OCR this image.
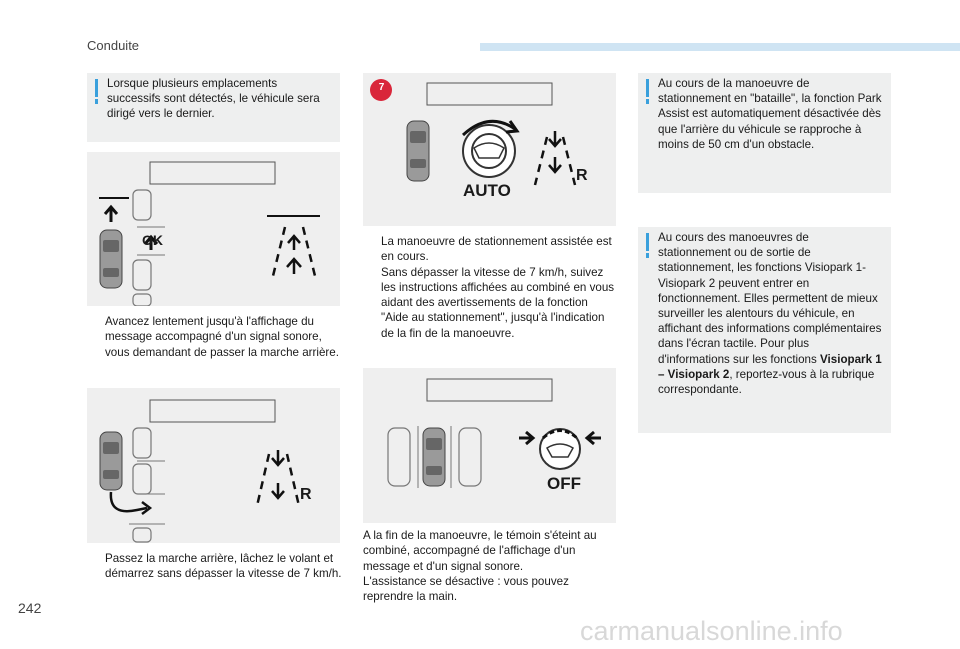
Conduite
Lorsque plusieurs emplacements successifs sont détectés, le véhicule sera dirigé vers le dernier.
OK
Avancez lentement jusqu'à l'affichage du message accompagné d'un signal sonore, vous demandant de passer la marche arrière.
R
Passez la marche arrière, lâchez le volant et démarrez sans dépasser la vitesse de 7 km/h.
7
AUTO
R
La manoeuvre de stationnement assistée est en cours.
Sans dépasser la vitesse de 7 km/h, suivez les instructions affichées au combiné en vous aidant des avertissements de la fonction "Aide au stationnement", jusqu'à l'indication de la fin de la manoeuvre.
OFF
A la fin de la manoeuvre, le témoin s'éteint au combiné, accompagné de l'affichage d'un message et d'un signal sonore.
L'assistance se désactive : vous pouvez reprendre la main.
Au cours de la manoeuvre de stationnement en "bataille", la fonction Park Assist est automatiquement désactivée dès que l'arrière du véhicule se rapproche à moins de 50 cm d'un obstacle.
Au cours des manoeuvres de stationnement ou de sortie de stationnement, les fonctions Visiopark 1- Visiopark 2 peuvent entrer en fonctionnement. Elles permettent de mieux surveiller les alentours du véhicule, en affichant des informations complémentaires dans l'écran tactile. Pour plus d'informations sur les fonctions Visiopark 1 – Visiopark 2, reportez-vous à la rubrique correspondante.
242
carmanualsonline.info
